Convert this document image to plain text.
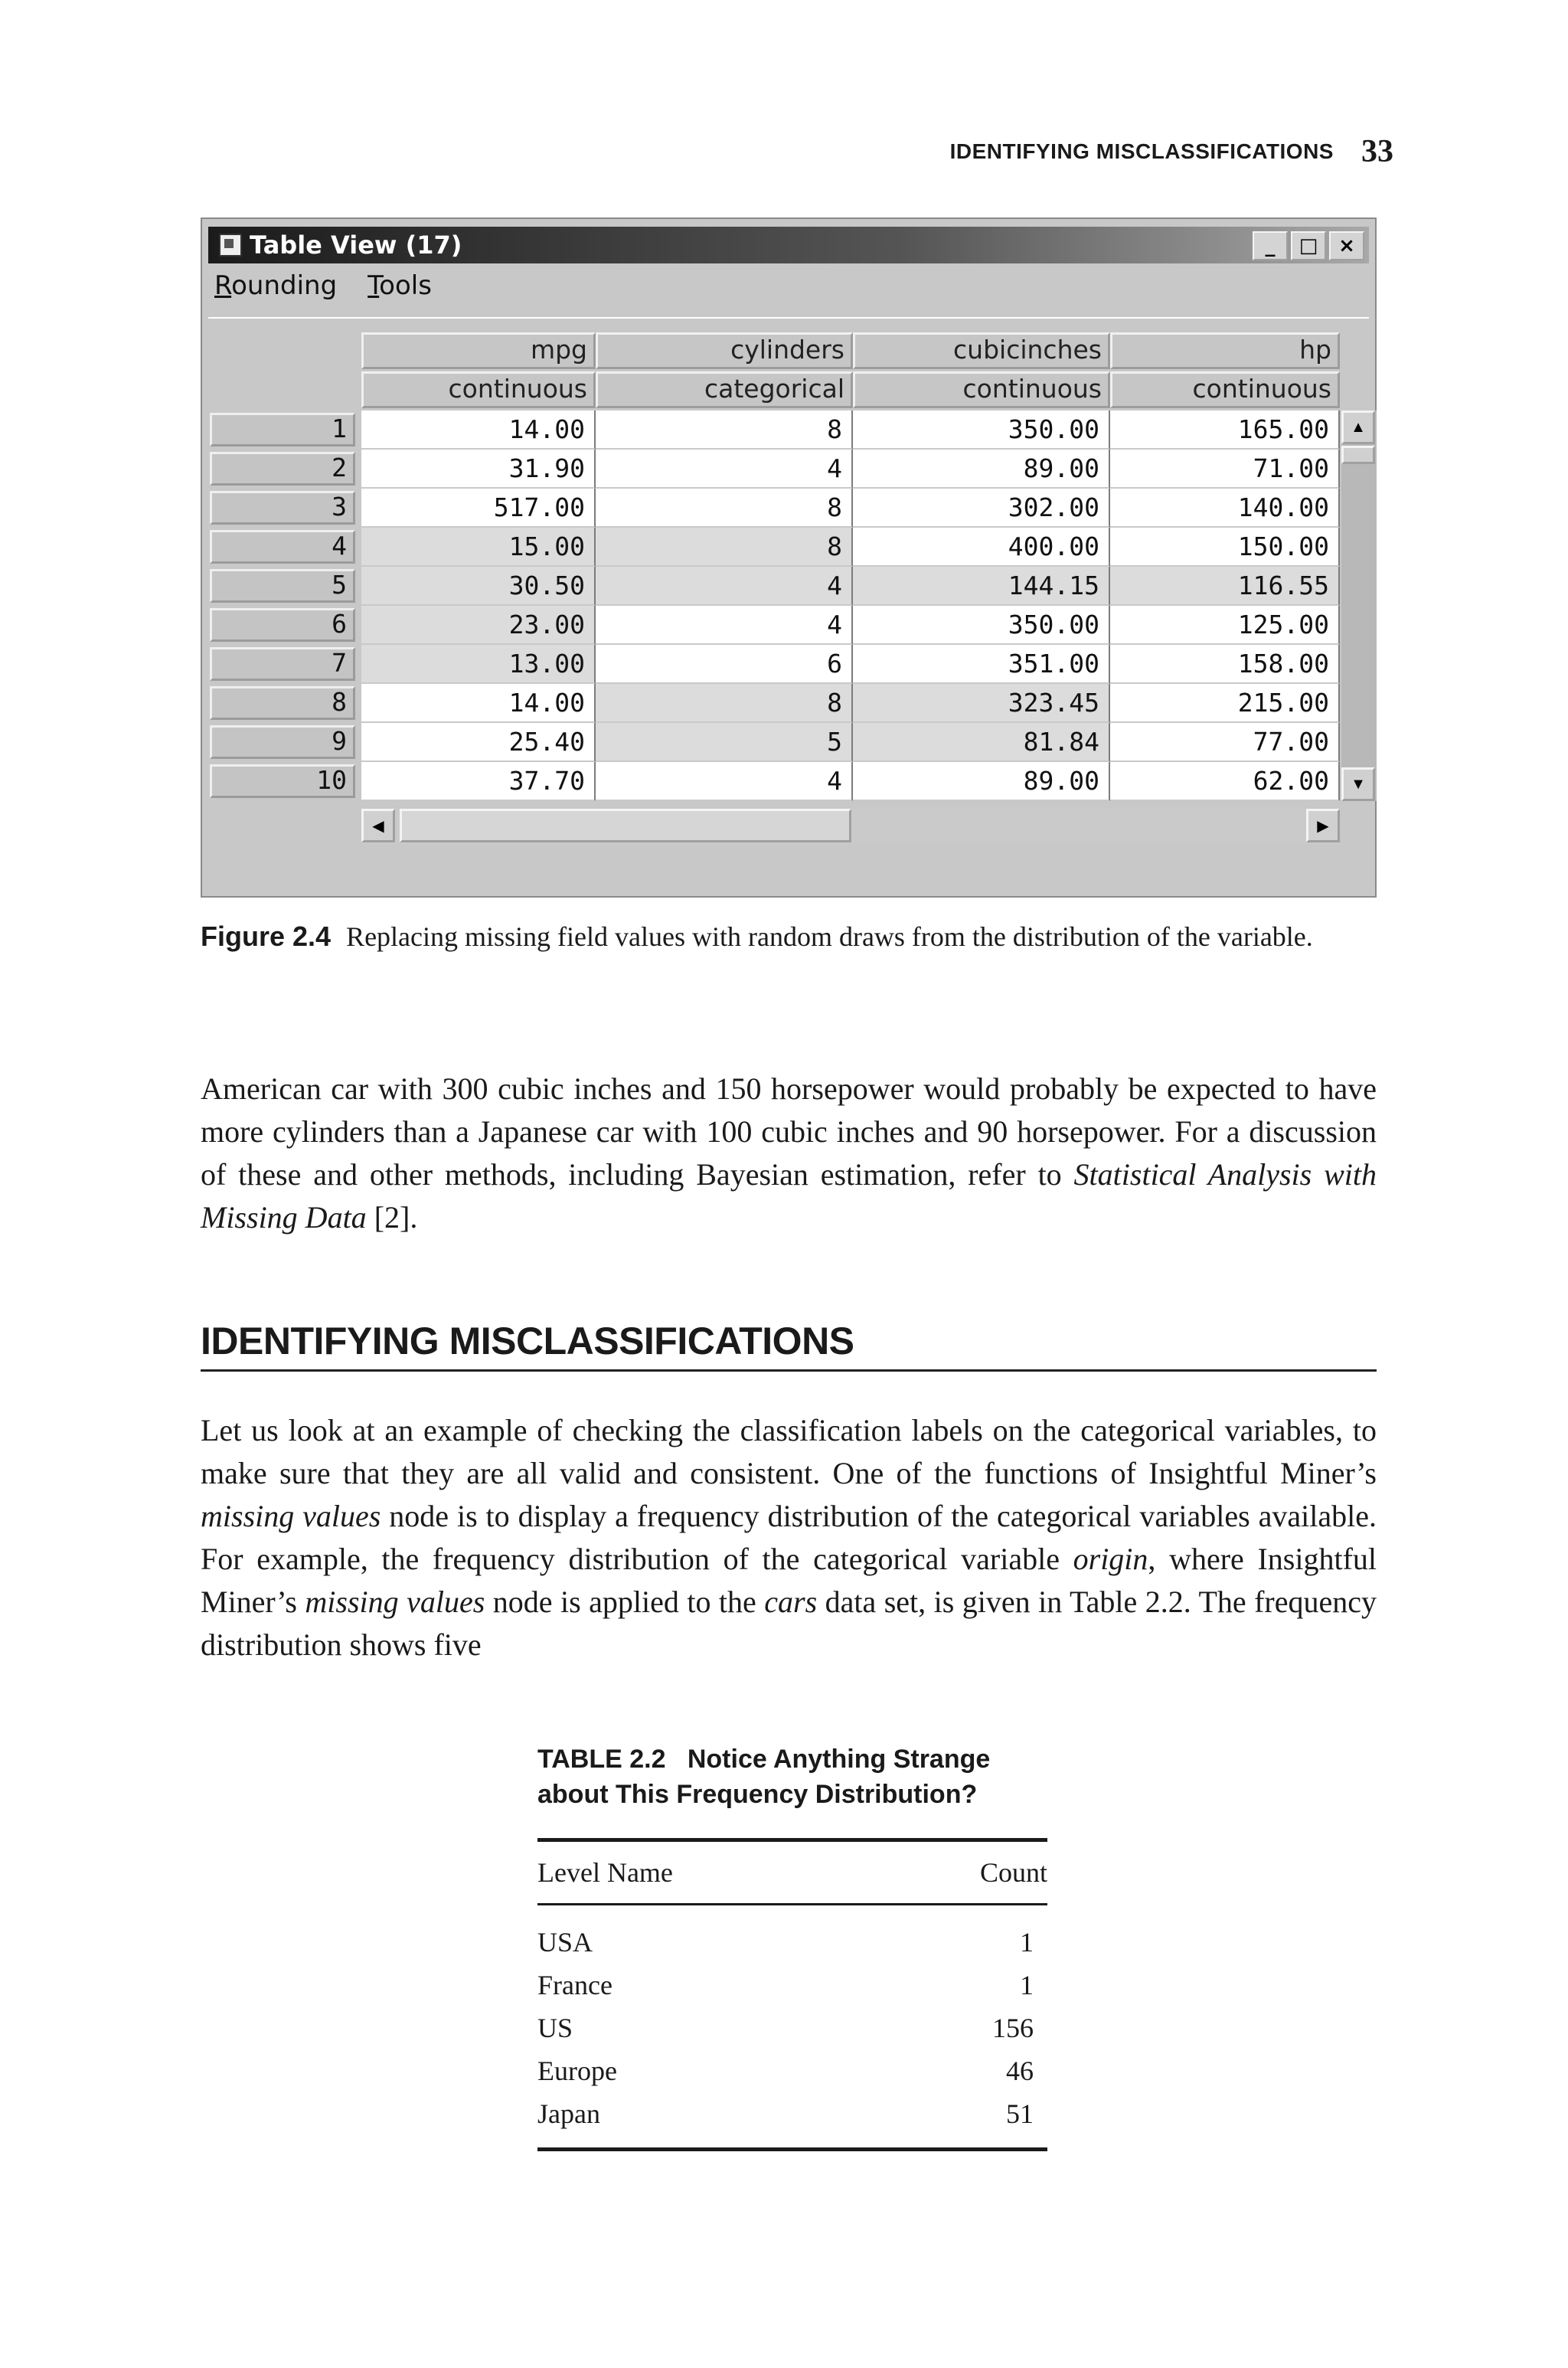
IDENTIFYING MISCLASSIFICATIONS 33
Table View (17)	_	□	×
Rounding Tools
mpg	cylinders	cubicinches	hp
continuous	categorical	continuous	continuous
1	14.00	8	350.00	165.00
2	31.90	4	89.00	71.00
3	517.00	8	302.00	140.00
4	15.00	8	400.00	150.00
5	30.50	4	144.15	116.55
6	23.00	4	350.00	125.00
7	13.00	6	351.00	158.00
8	14.00	8	323.45	215.00
9	25.40	5	81.84	77.00
10	37.70	4	89.00	62.00
▲
▼
◀	▶
Figure 2.4 Replacing missing field values with random draws from the distribution of the variable.
American car with 300 cubic inches and 150 horsepower would probably be expected to have more cylinders than a Japanese car with 100 cubic inches and 90 horsepower. For a discussion of these and other methods, including Bayesian estimation, refer to Statistical Analysis with Missing Data [2].
IDENTIFYING MISCLASSIFICATIONS
Let us look at an example of checking the classification labels on the categorical variables, to make sure that they are all valid and consistent. One of the functions of Insightful Miner’s missing values node is to display a frequency distribution of the categorical variables available. For example, the frequency distribution of the categorical variable origin, where Insightful Miner’s missing values node is applied to the cars data set, is given in Table 2.2. The frequency distribution shows five
TABLE 2.2 Notice Anything Strange
about This Frequency Distribution?
Level Name	Count
USA	1
France	1
US	156
Europe	46
Japan	51
